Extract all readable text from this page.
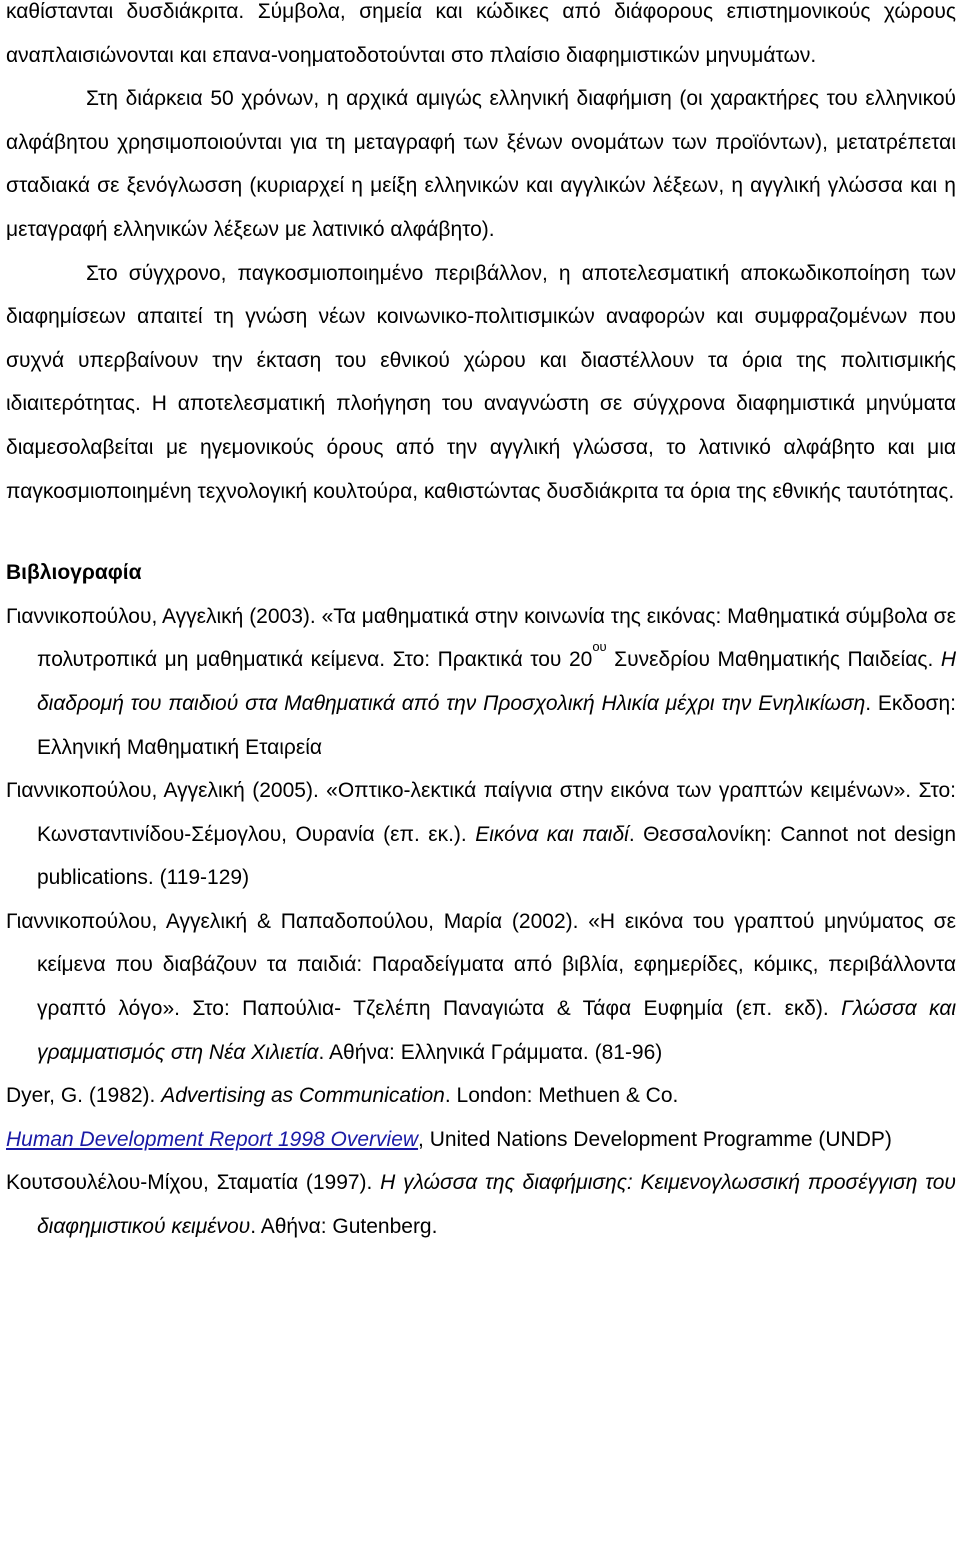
καθίστανται δυσδιάκριτα. Σύμβολα, σημεία και κώδικες από διάφορους επιστημονικούς χώρους αναπλαισιώνονται και επανα-νοηματοδοτούνται στο πλαίσιο διαφημιστικών μηνυμάτων.

Στη διάρκεια 50 χρόνων, η αρχικά αμιγώς ελληνική διαφήμιση (οι χαρακτήρες του ελληνικού αλφάβητου χρησιμοποιούνται για τη μεταγραφή των ξένων ονομάτων των προϊόντων), μετατρέπεται σταδιακά σε ξενόγλωσση (κυριαρχεί η μείξη ελληνικών και αγγλικών λέξεων, η αγγλική γλώσσα και η μεταγραφή ελληνικών λέξεων με λατινικό αλφάβητο).

Στο σύγχρονο, παγκοσμιοποιημένο περιβάλλον, η αποτελεσματική αποκωδικοποίηση των διαφημίσεων απαιτεί τη γνώση νέων κοινωνικο-πολιτισμικών αναφορών και συμφραζομένων που συχνά υπερβαίνουν την έκταση του εθνικού χώρου και διαστέλλουν τα όρια της πολιτισμικής ιδιαιτερότητας. Η αποτελεσματική πλοήγηση του αναγνώστη σε σύγχρονα διαφημιστικά μηνύματα διαμεσολαβείται με ηγεμονικούς όρους από την αγγλική γλώσσα, το λατινικό αλφάβητο και μια παγκοσμιοποιημένη τεχνολογική κουλτούρα, καθιστώντας δυσδιάκριτα τα όρια της εθνικής ταυτότητας.

Βιβλιογραφία

Γιαννικοπούλου, Αγγελική (2003). «Τα μαθηματικά στην κοινωνία της εικόνας: Μαθηματικά σύμβολα σε πολυτροπικά μη μαθηματικά κείμενα. Στο: Πρακτικά του $20^{o\upsilon}$ Συνεδρίου Μαθηματικής Παιδείας. Η διαδρομή του παιδιού στα Μαθηματικά από την Προσχολική Ηλικία μέχρι την Ενηλικίωση. Εκδοση: Ελληνική Μαθηματική Εταιρεία

Γιαννικοπούλου, Αγγελική (2005). «Οπτικο-λεκτικά παίγνια στην εικόνα των γραπτών κειμένων». Στο: Κωνσταντινίδου-Σέμογλου, Ουρανία (επ. εκ.). Εικόνα και παιδί. Θεσσαλονίκη: Cannot not design publications. (119-129)

Γιαννικοπούλου, Αγγελική & Παπαδοπούλου, Μαρία (2002). «Η εικόνα του γραπτού μηνύματος σε κείμενα που διαβάζουν τα παιδιά: Παραδείγματα από βιβλία, εφημερίδες, κόμικς, περιβάλλοντα γραπτό λόγο». Στο: Παπούλια- Τζελέπη Παναγιώτα & Τάφα Ευφημία (επ. εκδ). Γλώσσα και γραμματισμός στη Νέα Χιλιετία. Αθήνα: Ελληνικά Γράμματα. (81-96)

Dyer, G. (1982). Advertising as Communication. London: Methuen & Co.

Human Development Report 1998 Overview, United Nations Development Programme (UNDP)

Κουτσουλέλου-Μίχου, Σταματία (1997). Η γλώσσα της διαφήμισης: Κειμενογλωσσική προσέγγιση του διαφημιστικού κειμένου. Αθήνα: Gutenberg.
